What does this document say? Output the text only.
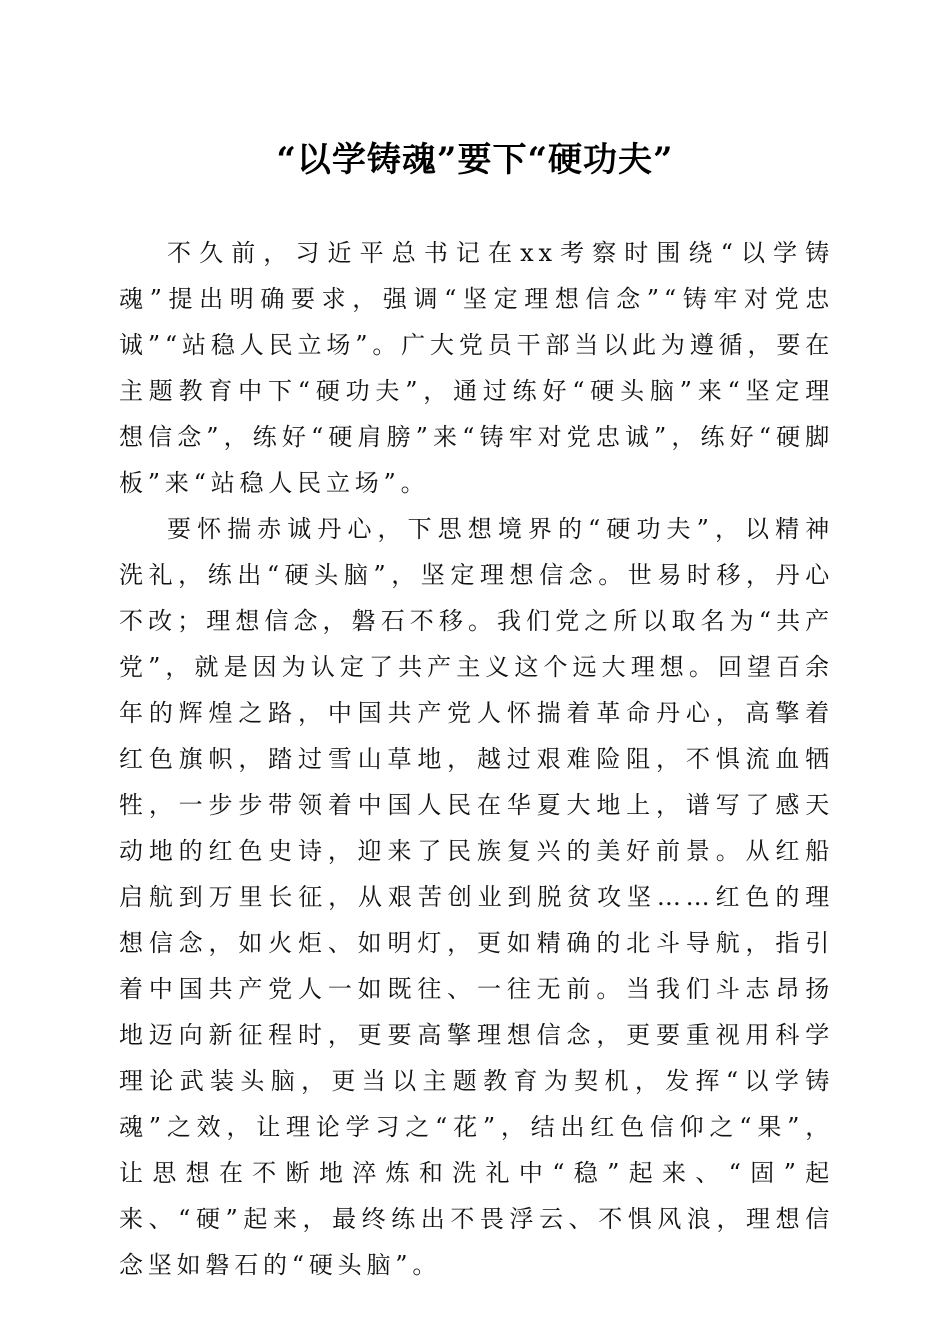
“以学铸魂”要下“硬功夫”

不久前，习近平总书记在xx考察时围绕“以学铸魂”提出明确要求，强调“坚定理想信念”“铸牢对党忠诚”“站稳人民立场”。广大党员干部当以此为遵循，要在主题教育中下“硬功夫”，通过练好“硬头脑”来“坚定理想信念”，练好“硬肩膀”来“铸牢对党忠诚”，练好“硬脚板”来“站稳人民立场”。

要怀揣赤诚丹心，下思想境界的“硬功夫”，以精神洗礼，练出“硬头脑”，坚定理想信念。世易时移，丹心不改；理想信念，磐石不移。我们党之所以取名为“共产党”，就是因为认定了共产主义这个远大理想。回望百余年的辉煌之路，中国共产党人怀揣着革命丹心，高擎着红色旗帜，踏过雪山草地，越过艰难险阻，不惧流血牺牲，一步步带领着中国人民在华夏大地上，谱写了感天动地的红色史诗，迎来了民族复兴的美好前景。从红船启航到万里长征，从艰苦创业到脱贫攻坚……红色的理想信念，如火炬、如明灯，更如精确的北斗导航，指引着中国共产党人一如既往、一往无前。当我们斗志昂扬地迈向新征程时，更要高擎理想信念，更要重视用科学理论武装头脑，更当以主题教育为契机，发挥“以学铸魂”之效，让理论学习之“花”，结出红色信仰之“果”，让思想在不断地淬炼和洗礼中“稳”起来、“固”起来、“硬”起来，最终练出不畏浮云、不惧风浪，理想信念坚如磐石的“硬头脑”。
